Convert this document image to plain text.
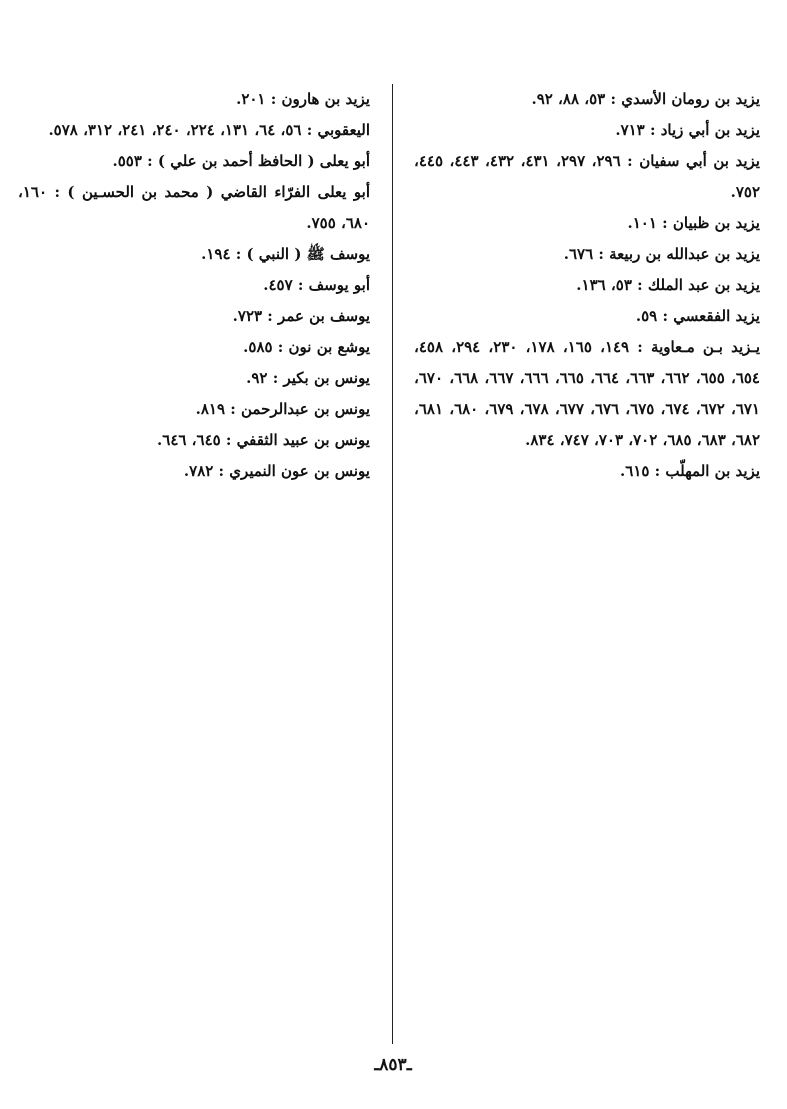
يزيد بن رومان الأسدي : ٥٣، ٨٨، ٩٢.

يزيد بن أبي زياد : ٧١٣.

يزيد بن أبي سفيان : ٢٩٦، ٢٩٧، ٤٣١، ٤٣٢، ٤٤٣، ٤٤٥، ٧٥٢.

يزيد بن ظبيان : ١٠١.

يزيد بن عبدالله بن ربيعة : ٦٧٦.

يزيد بن عبد الملك : ٥٣، ١٣٦.

يزيد الفقعسي : ٥٩.

يـزيد بـن مـعاوية : ١٤٩، ١٦٥، ١٧٨، ٢٣٠، ٢٩٤، ٤٥٨، ٦٥٤، ٦٥٥، ٦٦٢، ٦٦٣، ٦٦٤، ٦٦٥، ٦٦٦، ٦٦٧، ٦٦٨، ٦٧٠، ٦٧١، ٦٧٢، ٦٧٤، ٦٧٥، ٦٧٦، ٦٧٧، ٦٧٨، ٦٧٩، ٦٨٠، ٦٨١، ٦٨٢، ٦٨٣، ٦٨٥، ٧٠٢، ٧٠٣، ٧٤٧، ٨٣٤.

يزيد بن المهلّب : ٦١٥.

يزيد بن هارون : ٢٠١.

اليعقوبي : ٥٦، ٦٤، ١٣١، ٢٢٤، ٢٤٠، ٢٤١، ٣١٢، ٥٧٨.

أبو يعلى ( الحافظ أحمد بن علي ) : ٥٥٣.

أبو يعلى الفرّاء القاضي ( محمد بن الحسـين ) : ١٦٠، ٦٨٠، ٧٥٥.

يوسف ﷺ ( النبي ) : ١٩٤.

أبو يوسف : ٤٥٧.

يوسف بن عمر : ٧٢٣.

يوشع بن نون : ٥٨٥.

يونس بن بكير : ٩٢.

يونس بن عبدالرحمن : ٨١٩.

يونس بن عبيد الثقفي : ٦٤٥، ٦٤٦.

يونس بن عون النميري : ٧٨٢.

ـ٨٥٣ـ
